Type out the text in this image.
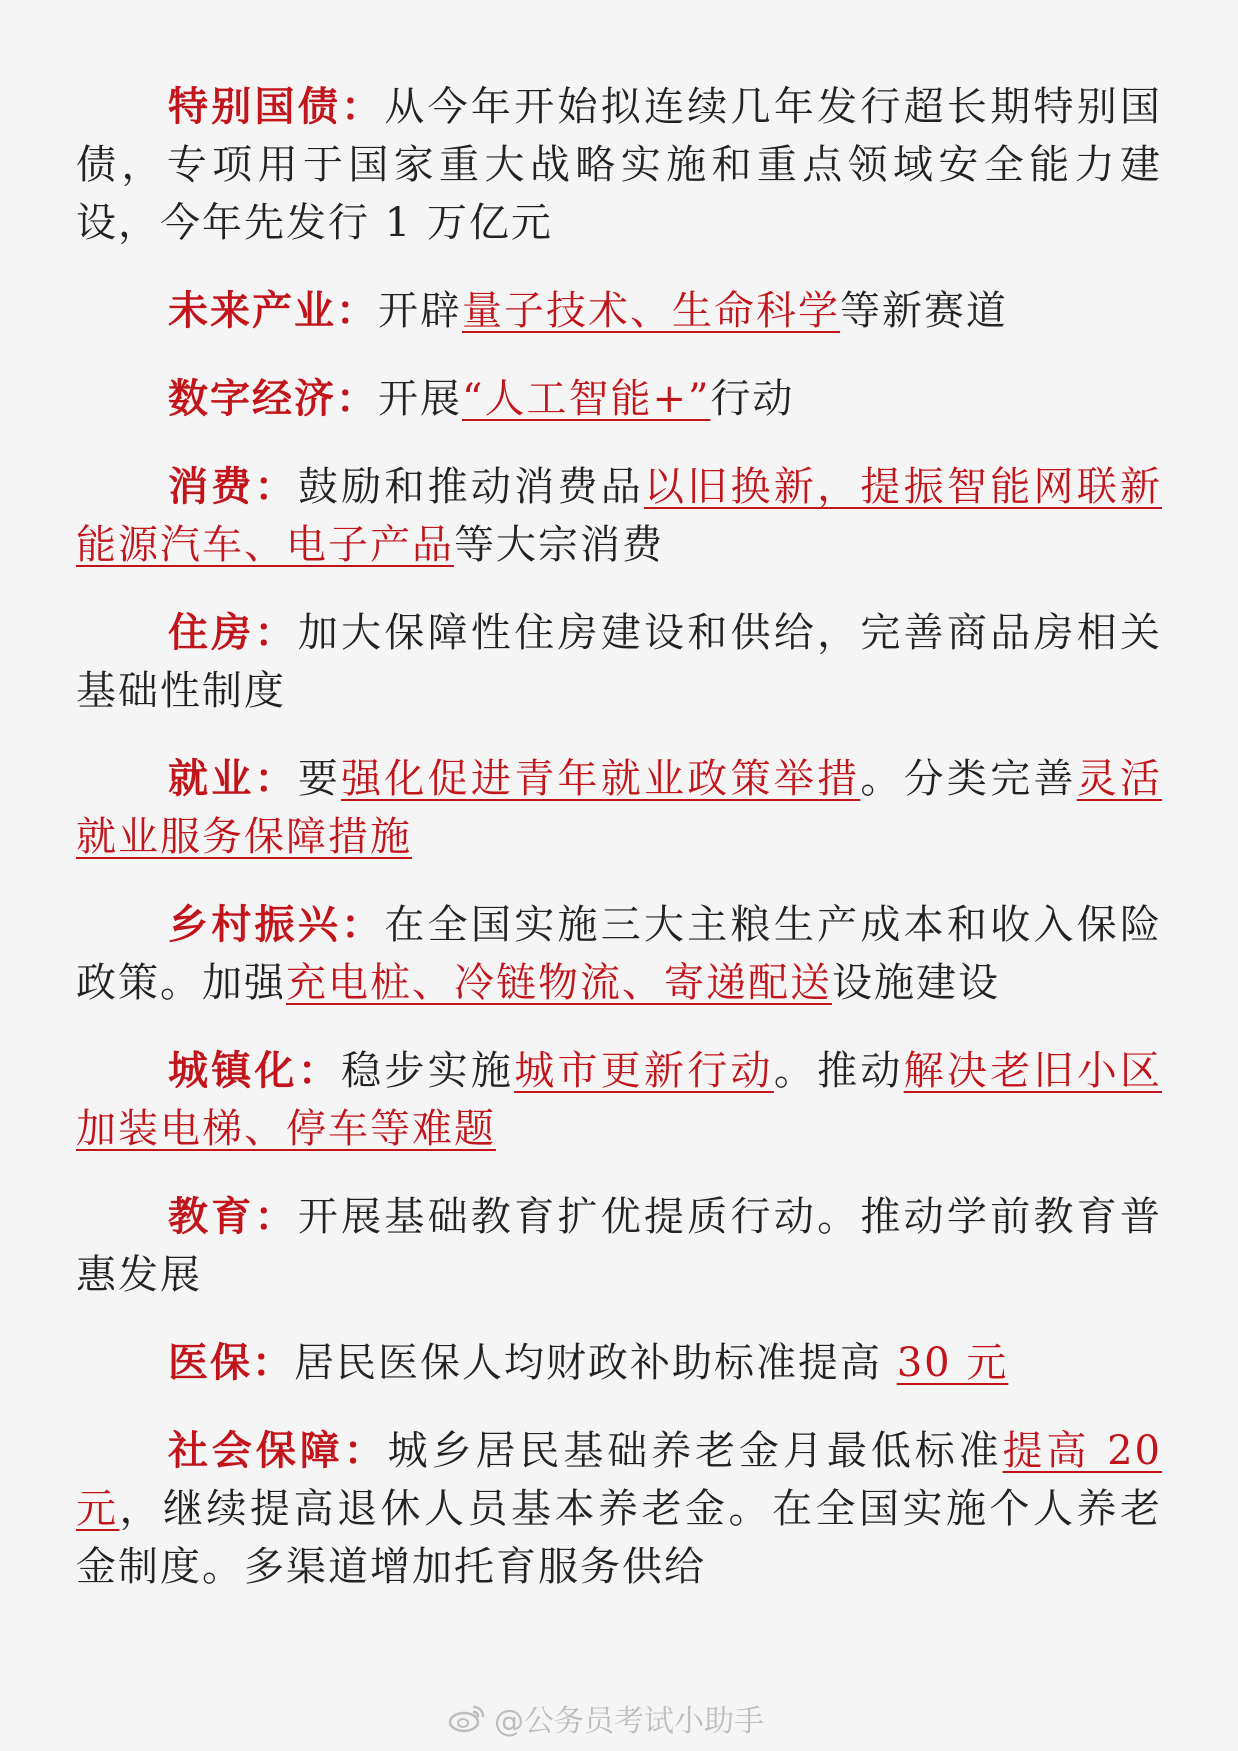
特别国债：从今年开始拟连续几年发行超长期特别国债，专项用于国家重大战略实施和重点领域安全能力建设，今年先发行 1 万亿元
未来产业：开辟量子技术、生命科学等新赛道
数字经济：开展“人工智能+”行动
消费：鼓励和推动消费品以旧换新，提振智能网联新能源汽车、电子产品等大宗消费
住房：加大保障性住房建设和供给，完善商品房相关基础性制度
就业：要强化促进青年就业政策举措。分类完善灵活就业服务保障措施
乡村振兴：在全国实施三大主粮生产成本和收入保险政策。加强充电桩、冷链物流、寄递配送设施建设
城镇化：稳步实施城市更新行动。推动解决老旧小区加装电梯、停车等难题
教育：开展基础教育扩优提质行动。推动学前教育普惠发展
医保：居民医保人均财政补助标准提高 30 元
社会保障：城乡居民基础养老金月最低标准提高 20 元，继续提高退休人员基本养老金。在全国实施个人养老金制度。多渠道增加托育服务供给
@公务员考试小助手
